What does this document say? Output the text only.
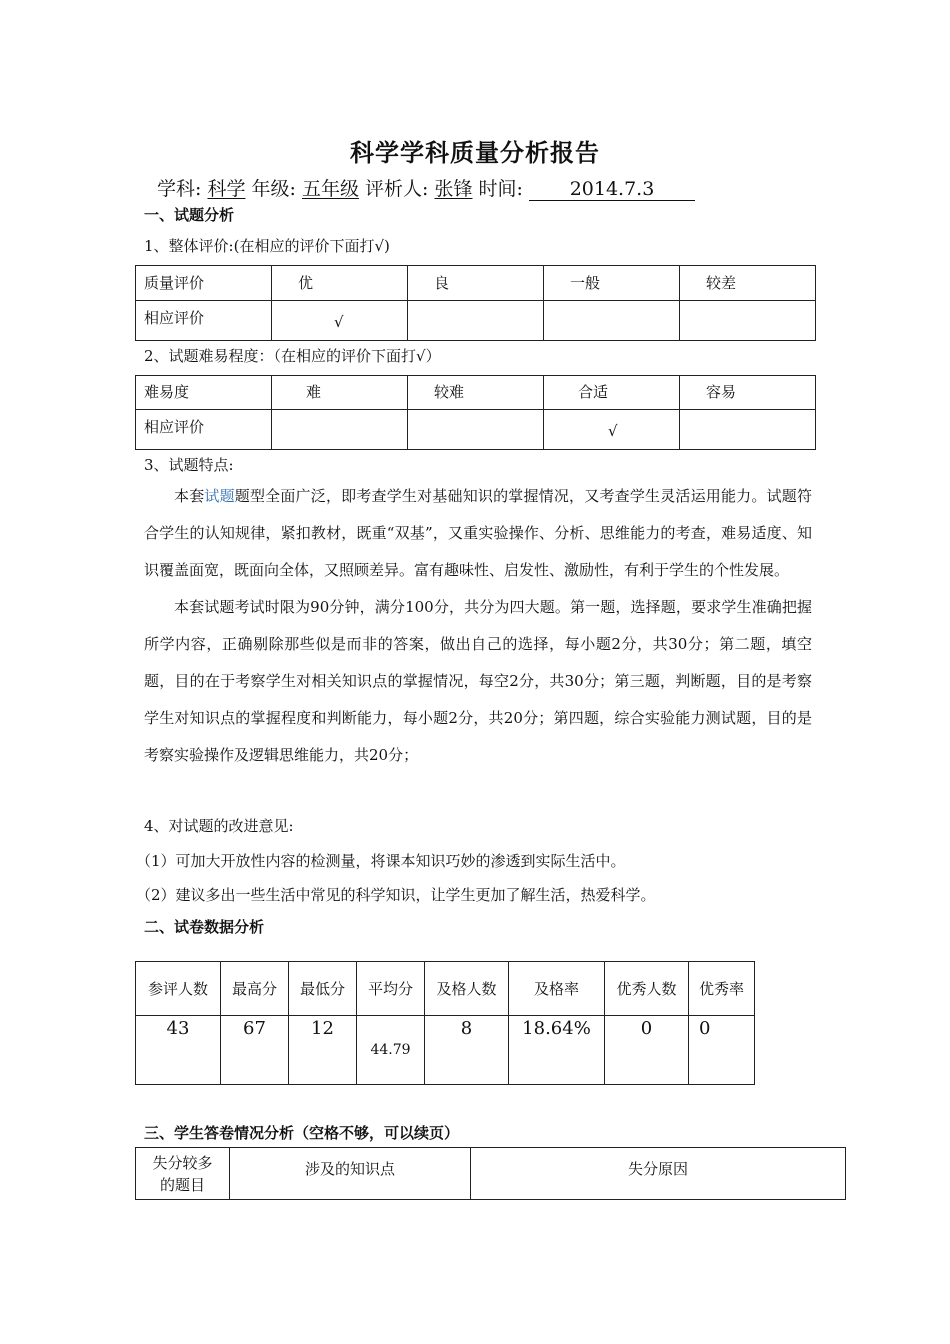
科学学科质量分析报告
学科: 科学 年级: 五年级 评析人: 张锋 时间: 2014.7.3
一、试题分析
1、整体评价:(在相应的评价下面打√)
质量评价	优	良	一般	较差
相应评价	√			
2、试题难易程度：（在相应的评价下面打√）
难易度	难	较难	合适	容易
相应评价			√	
3、试题特点:

本套试题题型全面广泛，即考查学生对基础知识的掌握情况，又考查学生灵活运用能力。试题符合学生的认知规律，紧扣教材，既重“双基”，又重实验操作、分析、思维能力的考查，难易适度、知识覆盖面宽，既面向全体，又照顾差异。富有趣味性、启发性、激励性，有利于学生的个性发展。

本套试题考试时限为90分钟，满分100分，共分为四大题。第一题，选择题，要求学生准确把握所学内容，正确剔除那些似是而非的答案，做出自己的选择，每小题2分，共30分；第二题，填空题，目的在于考察学生对相关知识点的掌握情况，每空2分，共30分；第三题，判断题，目的是考察学生对知识点的掌握程度和判断能力，每小题2分，共20分；第四题，综合实验能力测试题，目的是考察实验操作及逻辑思维能力，共20分；

4、对试题的改进意见:
（1）可加大开放性内容的检测量，将课本知识巧妙的渗透到实际生活中。
（2）建议多出一些生活中常见的科学知识，让学生更加了解生活，热爱科学。
二、试卷数据分析
参评人数	最高分	最低分	平均分	及格人数	及格率	优秀人数	优秀率
43	67	12	44.79	8	18.64%	0	0
三、学生答卷情况分析（空格不够，可以续页）
失分较多
的题目
	涉及的知识点	失分原因
